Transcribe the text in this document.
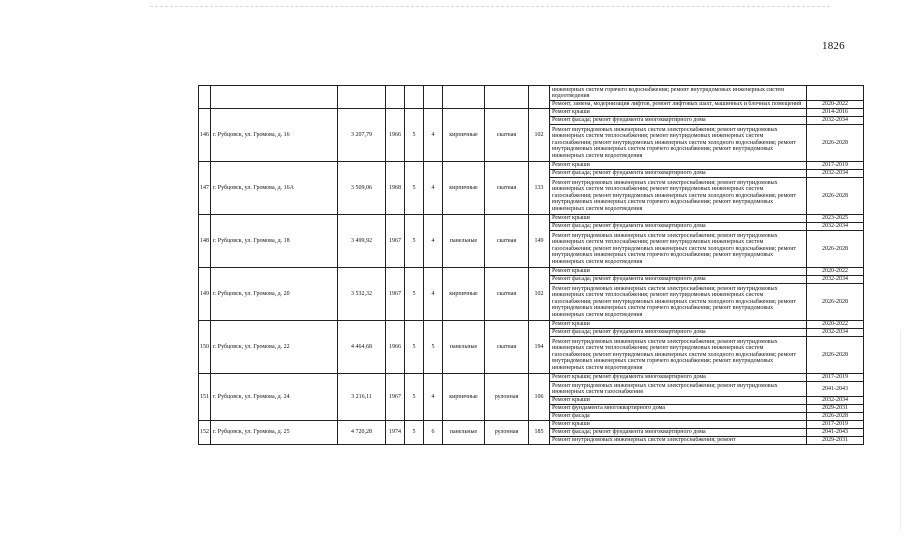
1826
									инженерных систем горячего водоснабжения; ремонт внутридомовых инженерных систем водоотведения	
									Ремонт, замена, модернизация лифтов, ремонт лифтовых шахт, машинных и блочных помещений	2020-2022
146	г. Рубцовск, ул. Громова, д. 16	3 207,79	1966	5	4	кирпичные	скатная	102	Ремонт крыши	2014-2016
									Ремонт фасада; ремонт фундамента многоквартирного дома	2032-2034
									Ремонт внутридомовых инженерных систем электроснабжения; ремонт внутридомовых инженерных систем теплоснабжения; ремонт внутридомовых инженерных систем газоснабжения; ремонт внутридомовых инженерных систем холодного водоснабжения; ремонт внутридомовых инженерных систем горячего водоснабжения; ремонт внутридомовых инженерных систем водоотведения	2026-2028
147	г. Рубцовск, ул. Громова, д. 16А	3 509,06	1968	5	4	кирпичные	скатная	133	Ремонт крыши	2017-2019
									Ремонт фасада; ремонт фундамента многоквартирного дома	2032-2034
									Ремонт внутридомовых инженерных систем электроснабжения; ремонт внутридомовых инженерных систем теплоснабжения; ремонт внутридомовых инженерных систем газоснабжения; ремонт внутридомовых инженерных систем холодного водоснабжения; ремонт внутридомовых инженерных систем горячего водоснабжения; ремонт внутридомовых инженерных систем водоотведения	2026-2028
148	г. Рубцовск, ул. Громова, д. 18	3 499,92	1967	5	4	панельные	скатная	149	Ремонт крыши	2023-2025
									Ремонт фасада; ремонт фундамента многоквартирного дома	2032-2034
									Ремонт внутридомовых инженерных систем электроснабжения; ремонт внутридомовых инженерных систем теплоснабжения; ремонт внутридомовых инженерных систем газоснабжения; ремонт внутридомовых инженерных систем холодного водоснабжения; ремонт внутридомовых инженерных систем горячего водоснабжения; ремонт внутридомовых инженерных систем водоотведения	2026-2028
149	г. Рубцовск, ул. Громова, д. 20	3 532,32	1967	5	4	кирпичные	скатная	102	Ремонт крыши	2020-2022
									Ремонт фасада; ремонт фундамента многоквартирного дома	2032-2034
									Ремонт внутридомовых инженерных систем электроснабжения; ремонт внутридомовых инженерных систем теплоснабжения; ремонт внутридомовых инженерных систем газоснабжения; ремонт внутридомовых инженерных систем холодного водоснабжения; ремонт внутридомовых инженерных систем горячего водоснабжения; ремонт внутридомовых инженерных систем водоотведения	2026-2028
150	г. Рубцовск, ул. Громова, д. 22	4 464,68	1966	5	5	панельные	скатная	194	Ремонт крыши	2020-2022
									Ремонт фасада; ремонт фундамента многоквартирного дома	2032-2034
									Ремонт внутридомовых инженерных систем электроснабжения; ремонт внутридомовых инженерных систем теплоснабжения; ремонт внутридомовых инженерных систем газоснабжения; ремонт внутридомовых инженерных систем холодного водоснабжения; ремонт внутридомовых инженерных систем горячего водоснабжения; ремонт внутридомовых инженерных систем водоотведения	2026-2028
151	г. Рубцовск, ул. Громова, д. 24	3 216,11	1967	5	4	кирпичные	рулонная	106	Ремонт крыши; ремонт фундамента многоквартирного дома	2017-2019
									Ремонт внутридомовых инженерных систем электроснабжения; ремонт внутридомовых инженерных систем газоснабжения	2041-2043
									Ремонт крыши	2032-2034
									Ремонт фундамента многоквартирного дома	2029-2031
									Ремонт фасада	2026-2028
152	г. Рубцовск, ул. Громова, д. 25	4 720,28	1974	5	6	панельные	рулонная	185	Ремонт крыши	2017-2019
									Ремонт фасада; ремонт фундамента многоквартирного дома	2041-2043
									Ремонт внутридомовых инженерных систем электроснабжения; ремонт	2029-2031
